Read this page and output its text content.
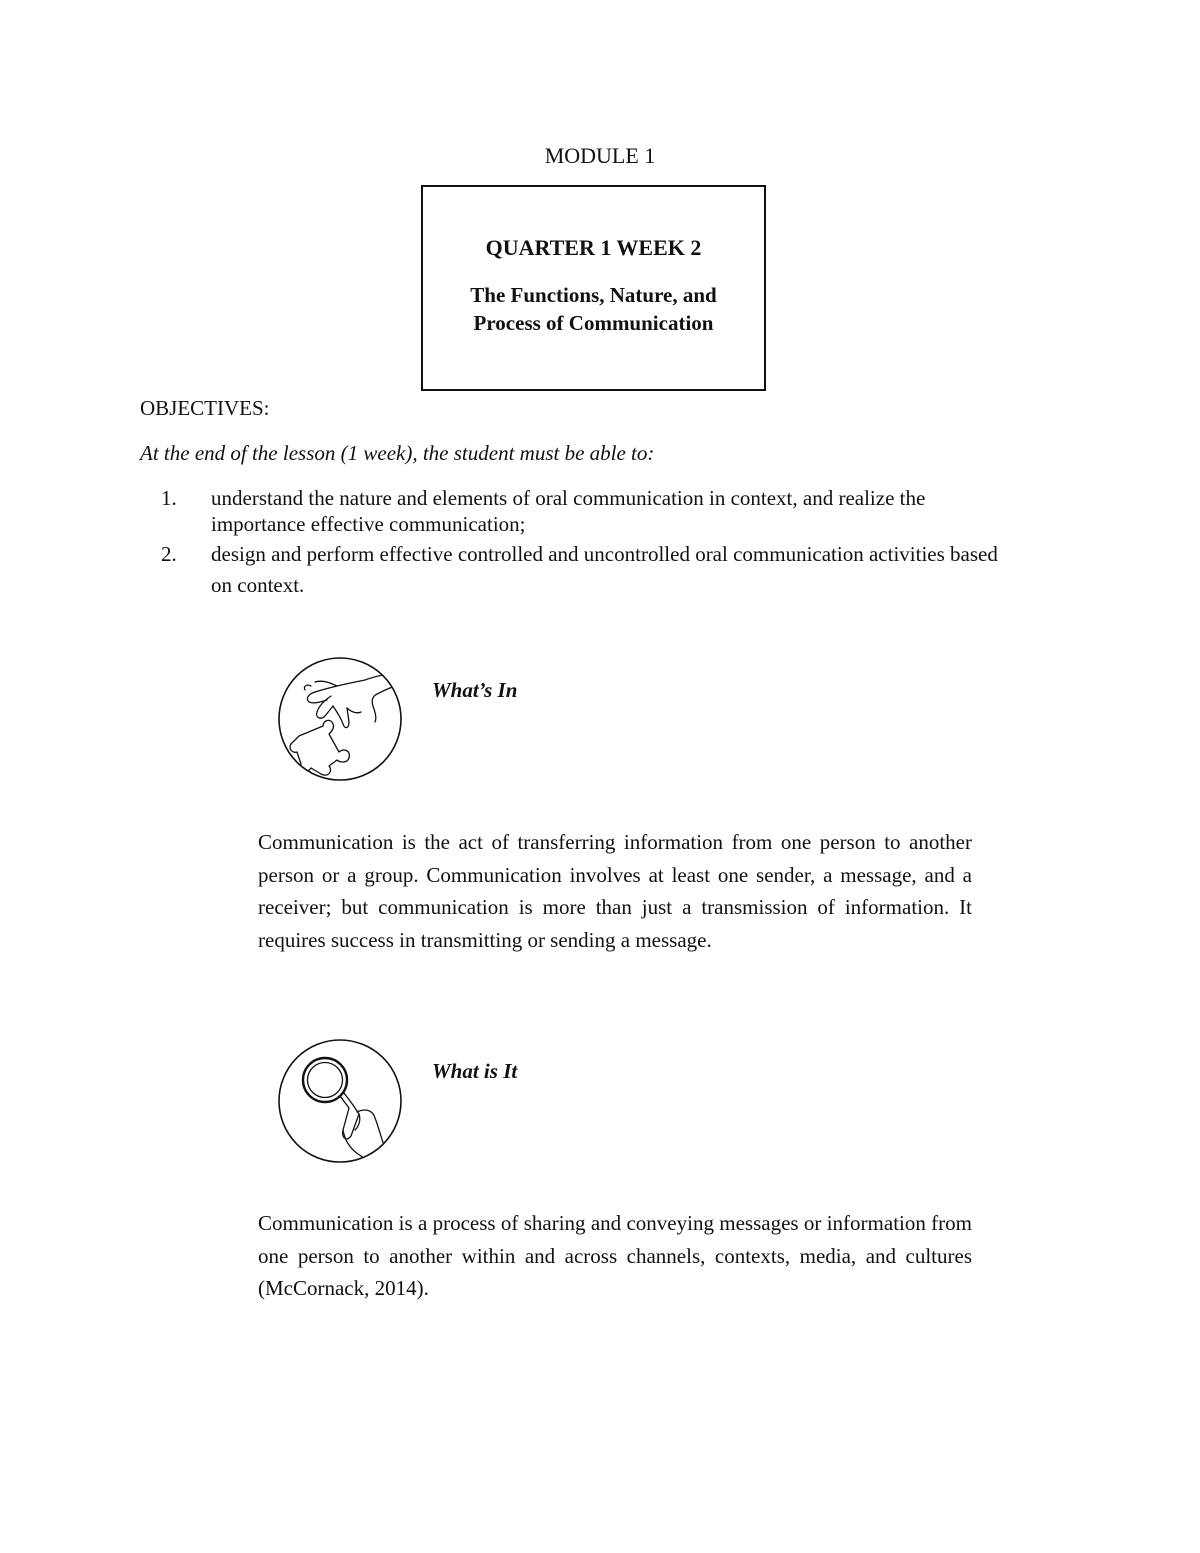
MODULE 1
QUARTER 1 WEEK 2
The Functions, Nature, and Process of Communication
OBJECTIVES:
At the end of the lesson (1 week), the student must be able to:
1. understand the nature and elements of oral communication in context, and realize the importance effective communication;
2. design and perform effective controlled and uncontrolled oral communication activities based on context.
What’s In

Communication is the act of transferring information from one person to another person or a group. Communication involves at least one sender, a message, and a receiver; but communication is more than just a transmission of information. It requires success in transmitting or sending a message.

What is It

Communication is a process of sharing and conveying messages or information from one person to another within and across channels, contexts, media, and cultures (McCornack, 2014).
